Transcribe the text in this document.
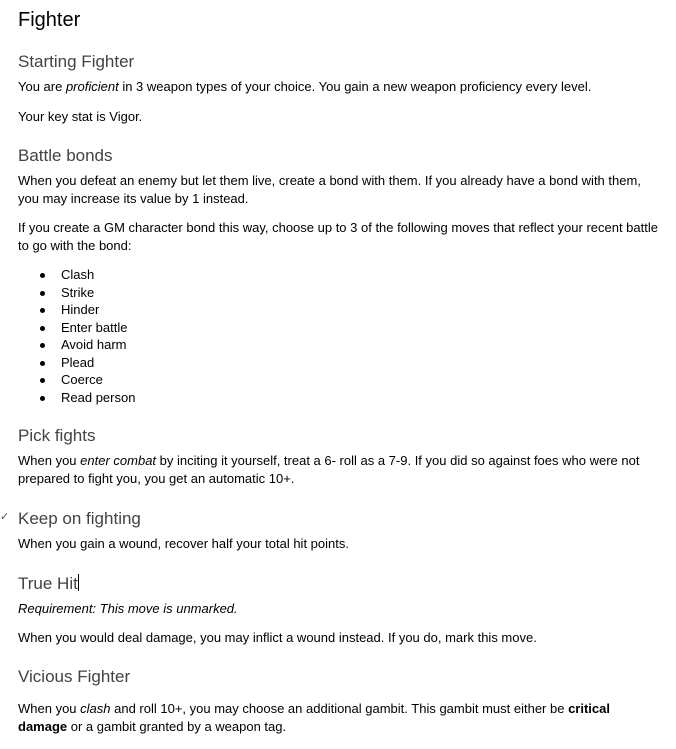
✓
Fighter
Starting Fighter

You are proficient in 3 weapon types of your choice. You gain a new weapon proficiency every level.

Your key stat is Vigor.

Battle bonds

When you defeat an enemy but let them live, create a bond with them. If you already have a bond with them, you may increase its value by 1 instead.

If you create a GM character bond this way, choose up to 3 of the following moves that reflect your recent battle to go with the bond:

Clash
Strike
Hinder
Enter battle
Avoid harm
Plead
Coerce
Read person
Pick fights

When you enter combat by inciting it yourself, treat a 6- roll as a 7-9. If you did so against foes who were not prepared to fight you, you get an automatic 10+.

Keep on fighting

When you gain a wound, recover half your total hit points.

True Hit

Requirement: This move is unmarked.

When you would deal damage, you may inflict a wound instead. If you do, mark this move.

Vicious Fighter

When you clash and roll 10+, you may choose an additional gambit. This gambit must either be critical damage or a gambit granted by a weapon tag.
